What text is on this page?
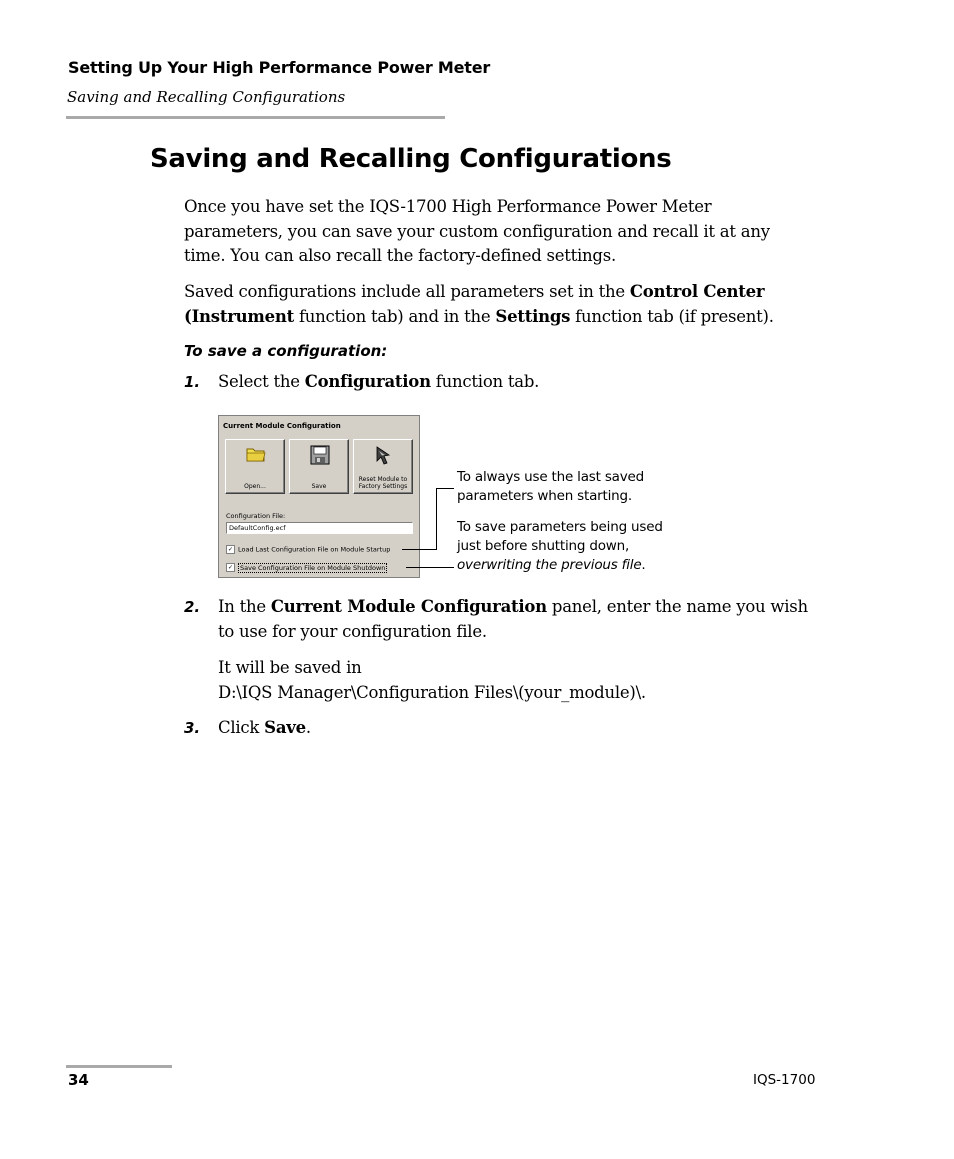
Setting Up Your High Performance Power Meter
Saving and Recalling Configurations
Saving and Recalling Configurations
Once you have set the IQS-1700 High Performance Power Meter
parameters, you can save your custom configuration and recall it at any
time. You can also recall the factory-defined settings.
Saved configurations include all parameters set in the Control Center
(Instrument function tab) and in the Settings function tab (if present).
To save a configuration:
1. Select the Configuration function tab.
Current Module Configuration
Open...	Save
Reset Module to
Factory Settings
Configuration File:
DefaultConfig.ecf
✓ Load Last Configuration File on Module Startup
✓ Save Configuration File on Module Shutdown
To always use the last saved
parameters when starting.
To save parameters being used
just before shutting down,
overwriting the previous file.
2. In the Current Module Configuration panel, enter the name you wish
to use for your configuration file.
It will be saved in
D:\IQS Manager\Configuration Files\(your_module)\.
3. Click Save.
34	IQS-1700
